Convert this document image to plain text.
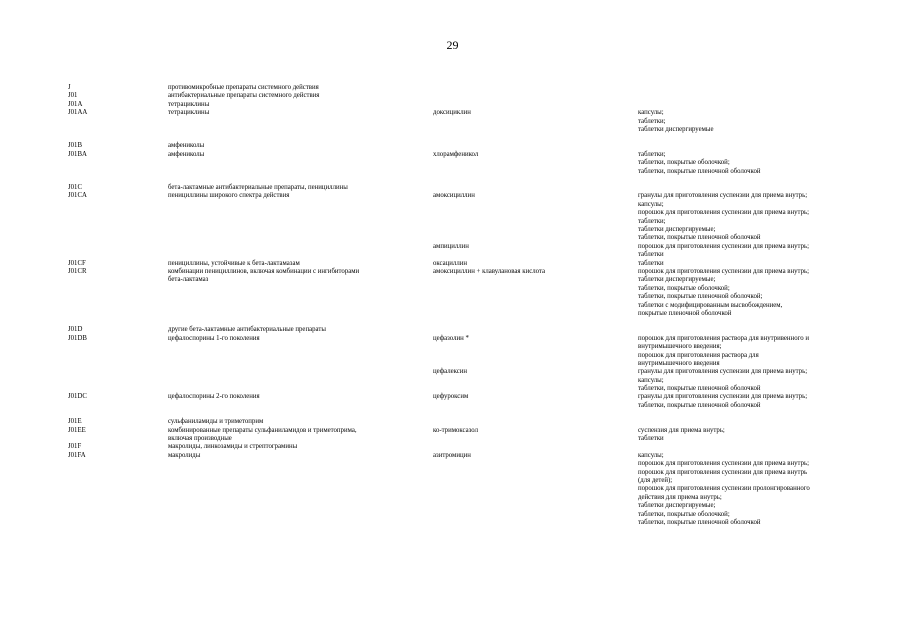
29
J	противомикробные препараты системного действия
J01	антибактериальные препараты системного действия
J01A	тетрациклины
J01AA	тетрациклины	доксициклин	капсулы;
таблетки;
таблетки диспергируемые
J01B	амфениколы
J01BA	амфениколы	хлорамфеникол	таблетки;
таблетки, покрытые оболочкой;
таблетки, покрытые пленочной оболочкой
J01C	бета-лактамные антибактериальные препараты, пенициллины
J01CA	пенициллины широкого спектра действия	амоксициллин	гранулы для приготовления суспензии для приема внутрь;
капсулы;
порошок для приготовления суспензии для приема внутрь;
таблетки;
таблетки диспергируемые;
таблетки, покрытые пленочной оболочкой
ампициллин	порошок для приготовления суспензии для приема внутрь;
таблетки
J01CF	пенициллины, устойчивые к бета-лактамазам	оксациллин	таблетки
J01CR	комбинации пенициллинов, включая комбинации с ингибиторами
бета-лактамаз
амоксициллин + клавулановая кислота	порошок для приготовления суспензии для приема внутрь;
таблетки диспергируемые;
таблетки, покрытые оболочкой;
таблетки, покрытые пленочной оболочкой;
таблетки с модифицированным высвобождением,
покрытые пленочной оболочкой
J01D	другие бета-лактамные антибактериальные препараты
J01DB	цефалоспорины 1-го поколения	цефазолин *	порошок для приготовления раствора для внутривенного и
внутримышечного введения;
порошок для приготовления раствора для
внутримышечного введения
цефалексин	гранулы для приготовления суспензии для приема внутрь;
капсулы;
таблетки, покрытые пленочной оболочкой
J01DC	цефалоспорины 2-го поколения	цефуроксим	гранулы для приготовления суспензии для приема внутрь;
таблетки, покрытые пленочной оболочкой
J01E	сульфаниламиды и триметоприм
J01EE	комбинированные препараты сульфаниламидов и триметоприма,
включая производные
ко-тримоксазол	суспензия для приема внутрь;
таблетки
J01F	макролиды, линкозамиды и стрептограмины
J01FA	макролиды	азитромицин	капсулы;
порошок для приготовления суспензии для приема внутрь;
порошок для приготовления суспензии для приема внутрь
(для детей);
порошок для приготовления суспензии пролонгированного
действия для приема внутрь;
таблетки диспергируемые;
таблетки, покрытые оболочкой;
таблетки, покрытые пленочной оболочкой
